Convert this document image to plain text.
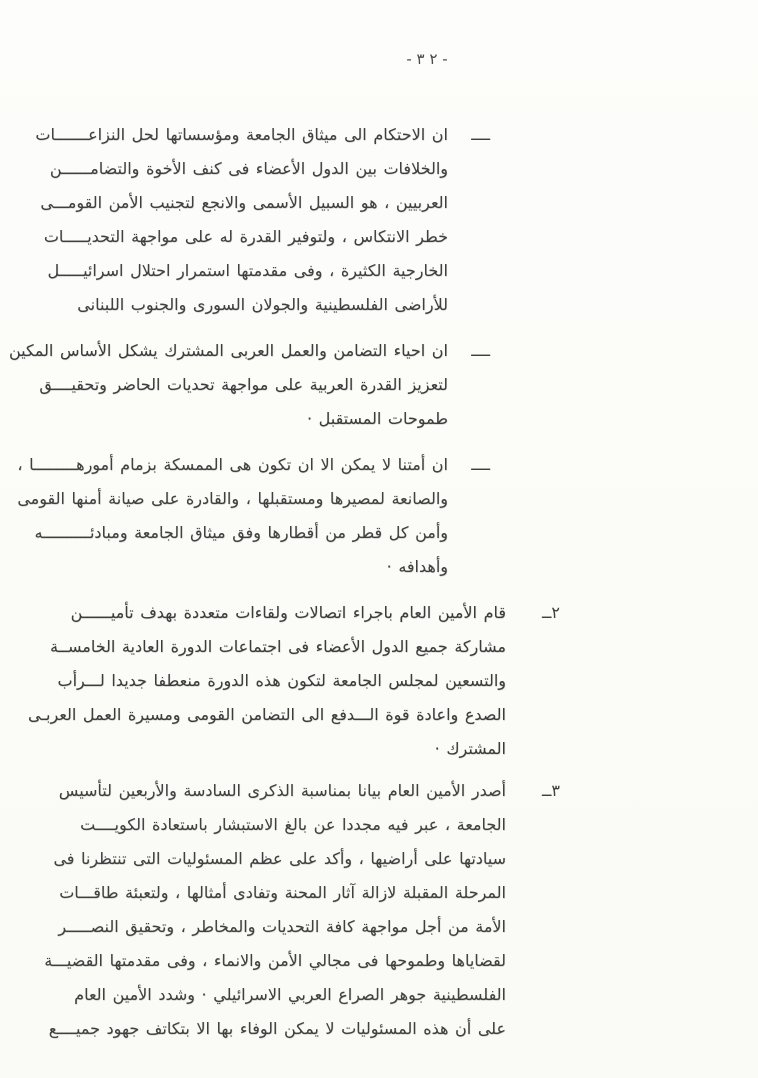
- ٢ ٣ -
ــــ
ان الاحتكام الى ميثاق الجامعة ومؤسساتها لحل النزاعـــــــات
والخلافات بين الدول الأعضاء فى كنف الأخوة والتضامــــــن
العربيين ، هو السبيل الأسمى والانجع لتجنيب الأمن القومـــى
خطر الانتكاس ، ولتوفير القدرة له على مواجهة التحديـــــات
الخارجية الكثيرة ، وفى مقدمتها استمرار احتلال اسرائيـــــل
للأراضى الفلسطينية والجولان السورى والجنوب اللبنانى
ــــ
ان احياء التضامن والعمل العربى المشترك يشكل الأساس المكين
لتعزيز القدرة العربية على مواجهة تحديات الحاضر وتحقيــــق
طموحات المستقبل ·
ــــ
ان أمتنا لا يمكن الا ان تكون هى الممسكة بزمام أمورهـــــــــا ،
والصانعة لمصيرها ومستقبلها ، والقادرة على صيانة أمنها القومى
وأمن كل قطر من أقطارها وفق ميثاق الجامعة ومبادئــــــــــه
وأهدافه ·
٢ــ
قام الأمين العام باجراء اتصالات ولقاءات متعددة بهدف تأميــــــن
مشاركة جميع الدول الأعضاء فى اجتماعات الدورة العادية الخامســة
والتسعين لمجلس الجامعة لتكون هذه الدورة منعطفا جديدا لـــرأب
الصدع واعادة قوة الـــدفع الى التضامن القومى ومسيرة العمل العربـى
المشترك ·
٣ــ
أصدر الأمين العام بيانا بمناسبة الذكرى السادسة والأربعين لتأسيس
الجامعة ، عبر فيه مجددا عن بالغ الاستبشار باستعادة الكويــــت
سيادتها على أراضيها ، وأكد على عظم المسئوليات التى تنتظرنا فى
المرحلة المقبلة لازالة آثار المحنة وتفادى أمثالها ، ولتعبئة طاقـــات
الأمة من أجل مواجهة كافة التحديات والمخاطر ، وتحقيق النصـــــر
لقضاياها وطموحها فى مجالي الأمن والانماء ، وفى مقدمتها القضيـــة
الفلسطينية جوهر الصراع العربي الاسرائيلي · وشدد الأمين العام
على أن هذه المسئوليات لا يمكن الوفاء بها الا بتكاتف جهود جميــــع
